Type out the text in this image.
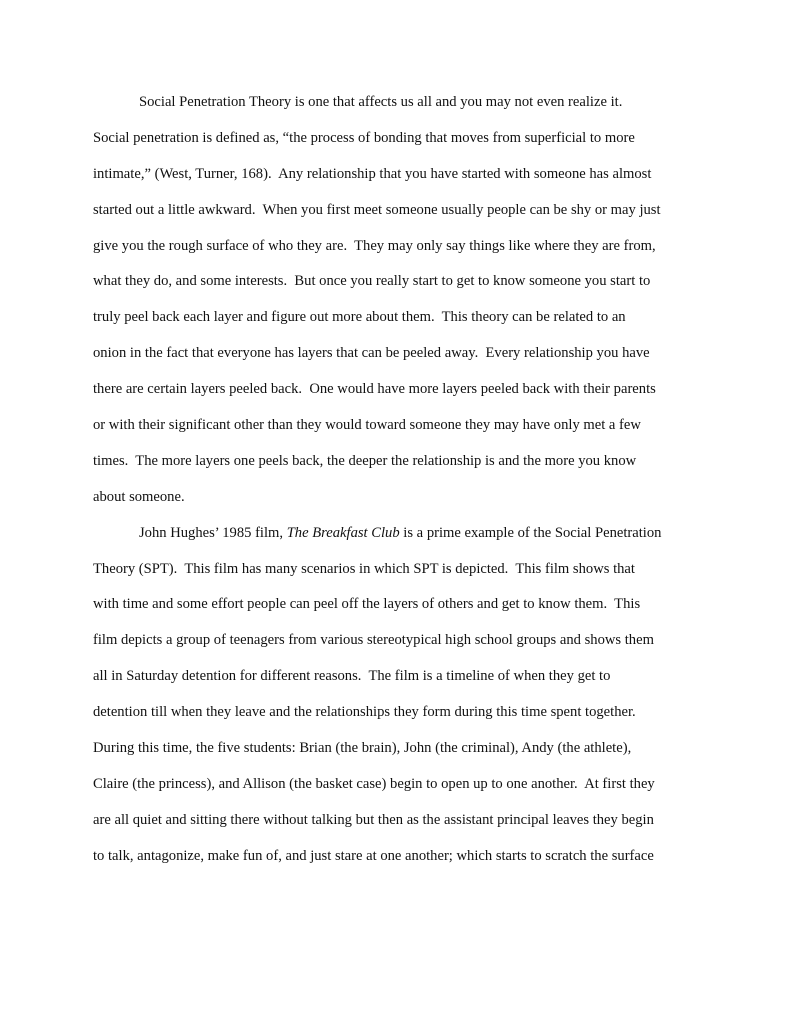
Social Penetration Theory is one that affects us all and you may not even realize it.
Social penetration is defined as, “the process of bonding that moves from superficial to more
intimate,” (West, Turner, 168).  Any relationship that you have started with someone has almost
started out a little awkward.  When you first meet someone usually people can be shy or may just
give you the rough surface of who they are.  They may only say things like where they are from,
what they do, and some interests.  But once you really start to get to know someone you start to
truly peel back each layer and figure out more about them.  This theory can be related to an
onion in the fact that everyone has layers that can be peeled away.  Every relationship you have
there are certain layers peeled back.  One would have more layers peeled back with their parents
or with their significant other than they would toward someone they may have only met a few
times.  The more layers one peels back, the deeper the relationship is and the more you know
about someone.
John Hughes’ 1985 film, The Breakfast Club is a prime example of the Social Penetration
Theory (SPT).  This film has many scenarios in which SPT is depicted.  This film shows that
with time and some effort people can peel off the layers of others and get to know them.  This
film depicts a group of teenagers from various stereotypical high school groups and shows them
all in Saturday detention for different reasons.  The film is a timeline of when they get to
detention till when they leave and the relationships they form during this time spent together.
During this time, the five students: Brian (the brain), John (the criminal), Andy (the athlete),
Claire (the princess), and Allison (the basket case) begin to open up to one another.  At first they
are all quiet and sitting there without talking but then as the assistant principal leaves they begin
to talk, antagonize, make fun of, and just stare at one another; which starts to scratch the surface
